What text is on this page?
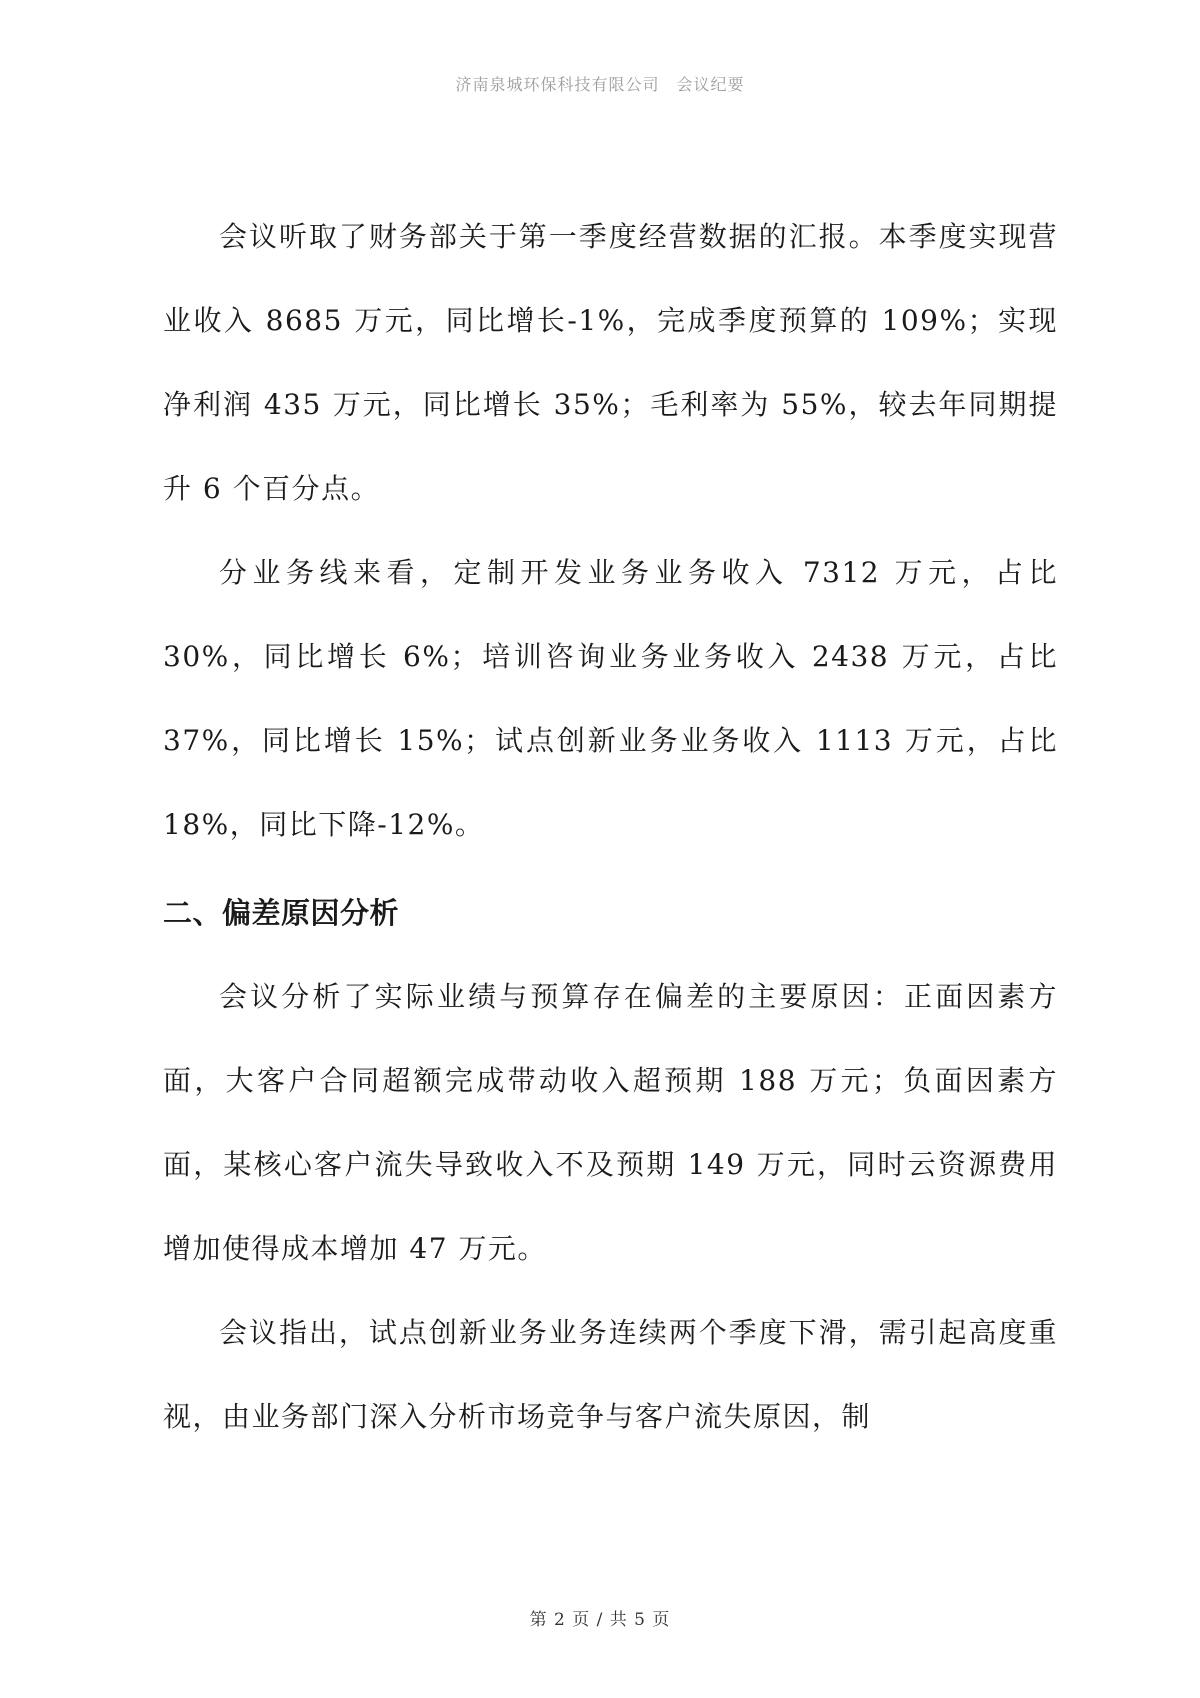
济南泉城环保科技有限公司　会议纪要

会议听取了财务部关于第一季度经营数据的汇报。本季度实现营业收入 8685 万元，同比增长-1%，完成季度预算的 109%；实现净利润 435 万元，同比增长 35%；毛利率为 55%，较去年同期提升 6 个百分点。

分业务线来看，定制开发业务业务收入 7312 万元，占比 30%，同比增长 6%；培训咨询业务业务收入 2438 万元，占比 37%，同比增长 15%；试点创新业务业务收入 1113 万元，占比 18%，同比下降-12%。

二、偏差原因分析

会议分析了实际业绩与预算存在偏差的主要原因：正面因素方面，大客户合同超额完成带动收入超预期 188 万元；负面因素方面，某核心客户流失导致收入不及预期 149 万元，同时云资源费用增加使得成本增加 47 万元。

会议指出，试点创新业务业务连续两个季度下滑，需引起高度重视，由业务部门深入分析市场竞争与客户流失原因，制

第 2 页 / 共 5 页
